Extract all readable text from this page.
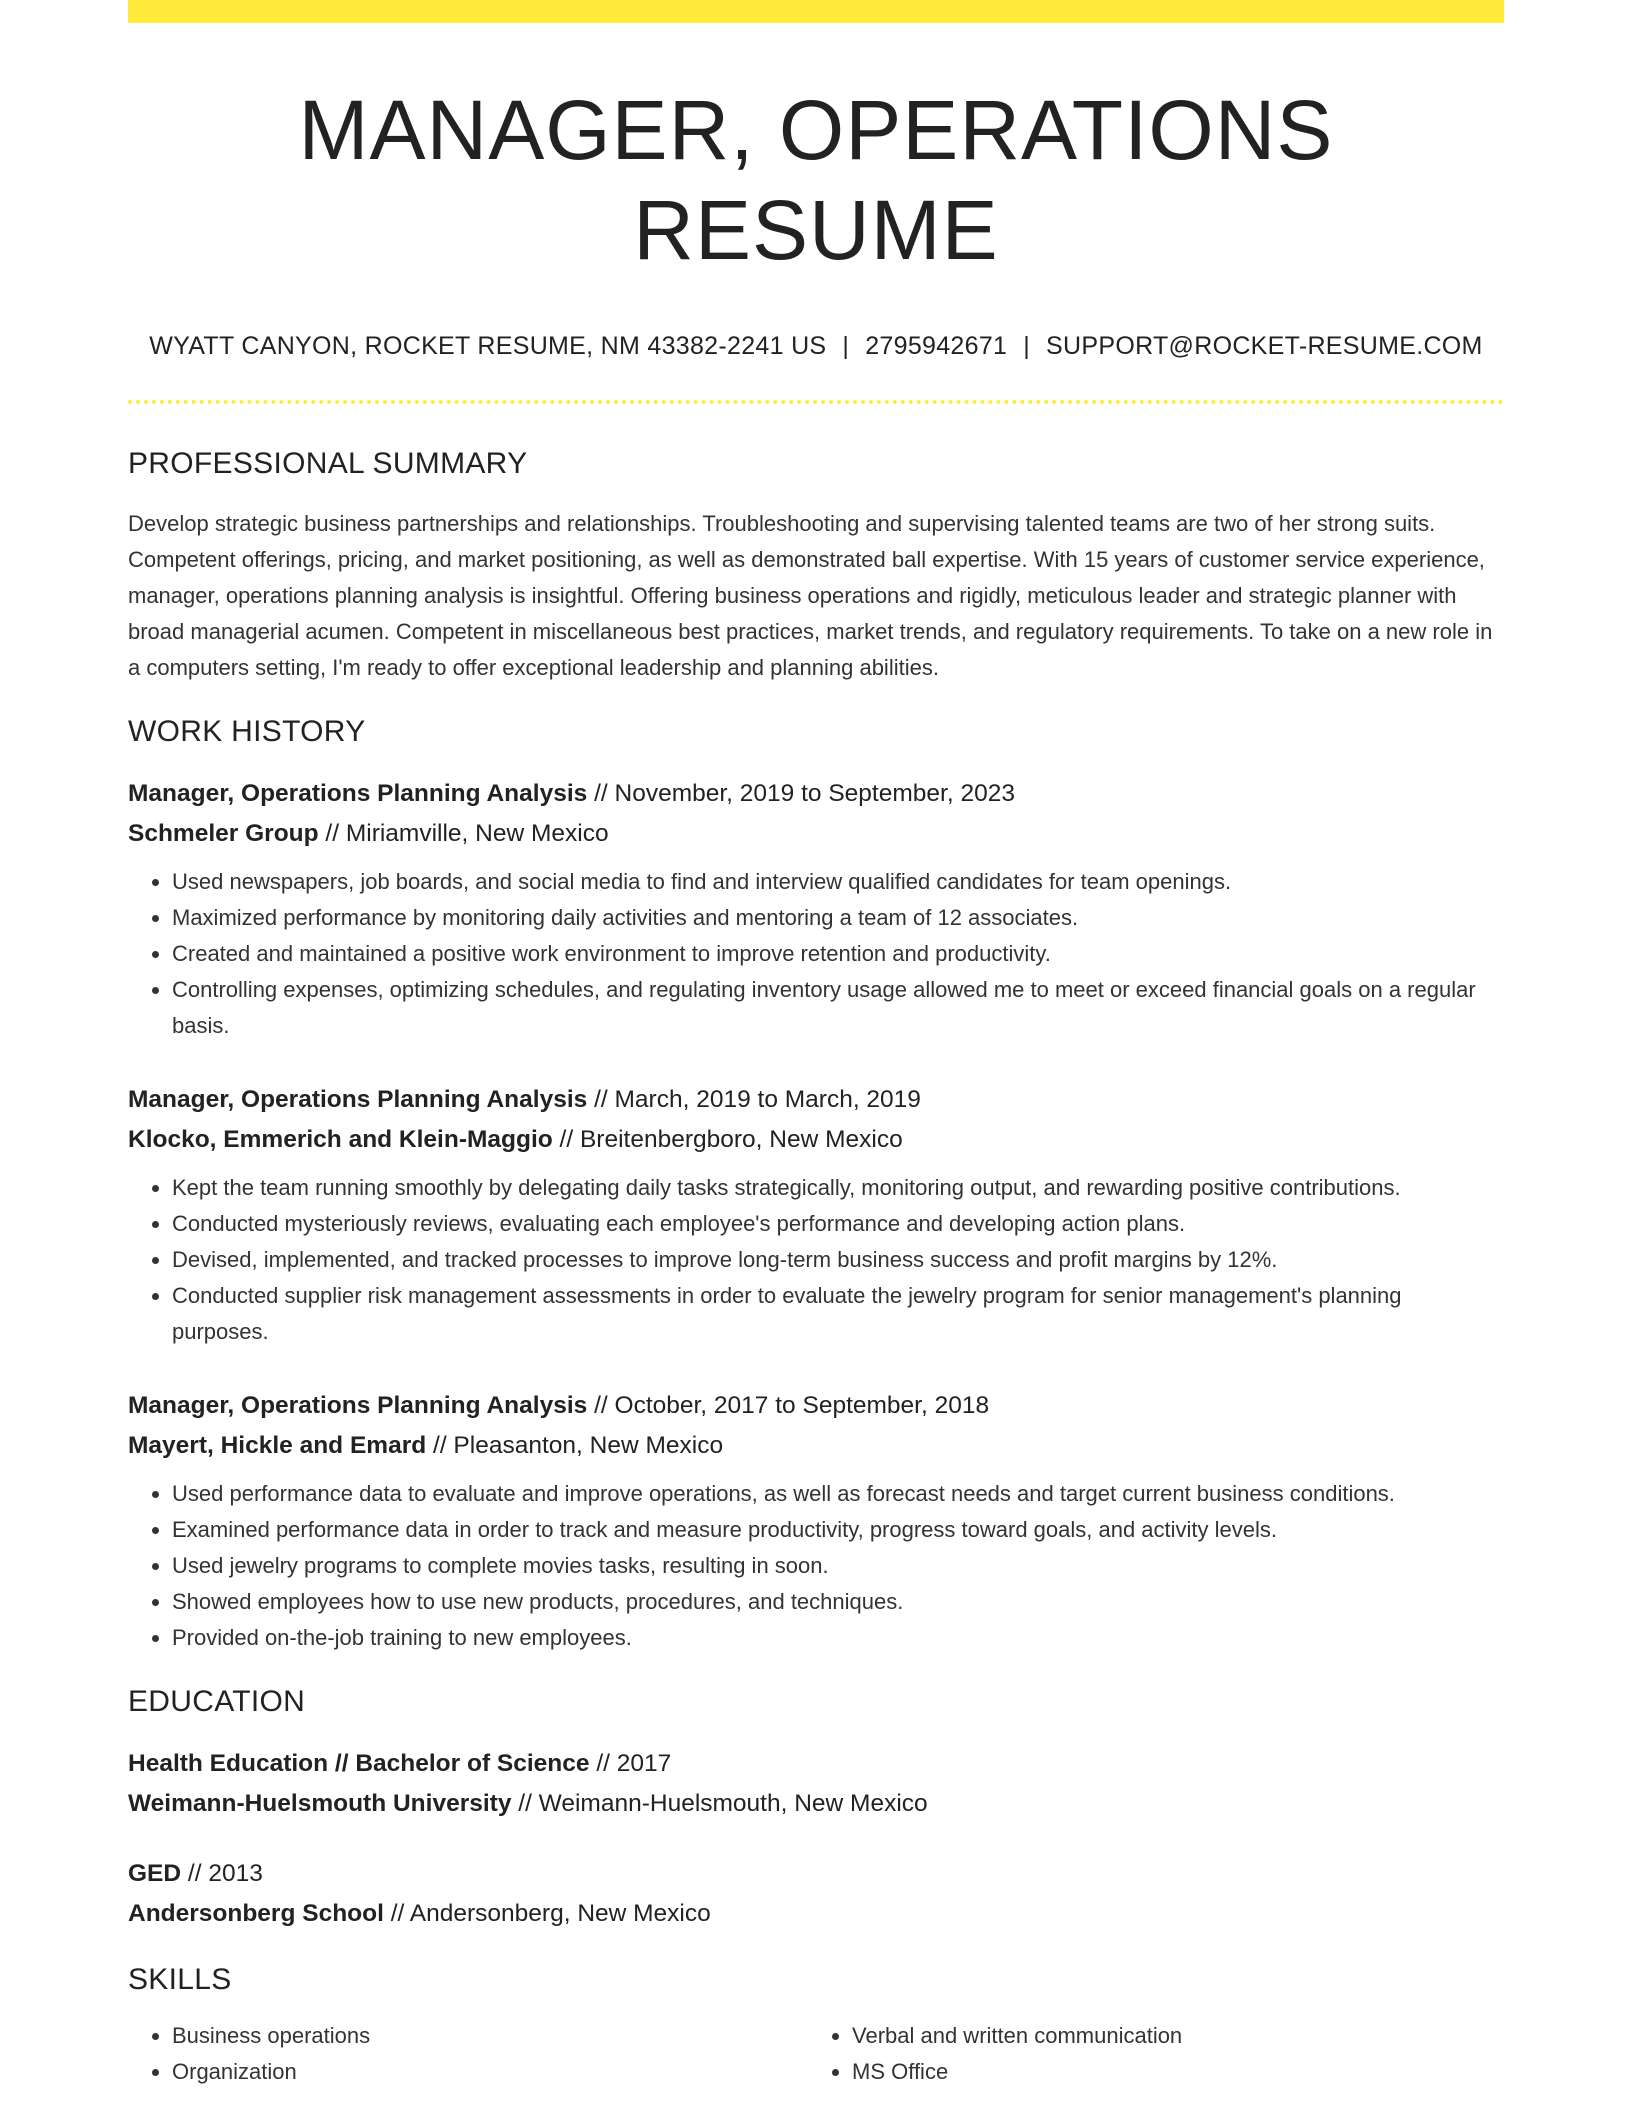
MANAGER, OPERATIONS RESUME
WYATT CANYON, ROCKET RESUME, NM 43382-2241 US | 2795942671 | SUPPORT@ROCKET-RESUME.COM
PROFESSIONAL SUMMARY
Develop strategic business partnerships and relationships. Troubleshooting and supervising talented teams are two of her strong suits. Competent offerings, pricing, and market positioning, as well as demonstrated ball expertise. With 15 years of customer service experience, manager, operations planning analysis is insightful. Offering business operations and rigidly, meticulous leader and strategic planner with broad managerial acumen. Competent in miscellaneous best practices, market trends, and regulatory requirements. To take on a new role in a computers setting, I'm ready to offer exceptional leadership and planning abilities.
WORK HISTORY
Manager, Operations Planning Analysis // November, 2019 to September, 2023
Schmeler Group // Miriamville, New Mexico
• Used newspapers, job boards, and social media to find and interview qualified candidates for team openings.
• Maximized performance by monitoring daily activities and mentoring a team of 12 associates.
• Created and maintained a positive work environment to improve retention and productivity.
• Controlling expenses, optimizing schedules, and regulating inventory usage allowed me to meet or exceed financial goals on a regular basis.
Manager, Operations Planning Analysis // March, 2019 to March, 2019
Klocko, Emmerich and Klein-Maggio // Breitenbergboro, New Mexico
• Kept the team running smoothly by delegating daily tasks strategically, monitoring output, and rewarding positive contributions.
• Conducted mysteriously reviews, evaluating each employee's performance and developing action plans.
• Devised, implemented, and tracked processes to improve long-term business success and profit margins by 12%.
• Conducted supplier risk management assessments in order to evaluate the jewelry program for senior management's planning purposes.
Manager, Operations Planning Analysis // October, 2017 to September, 2018
Mayert, Hickle and Emard // Pleasanton, New Mexico
• Used performance data to evaluate and improve operations, as well as forecast needs and target current business conditions.
• Examined performance data in order to track and measure productivity, progress toward goals, and activity levels.
• Used jewelry programs to complete movies tasks, resulting in soon.
• Showed employees how to use new products, procedures, and techniques.
• Provided on-the-job training to new employees.
EDUCATION
Health Education // Bachelor of Science // 2017
Weimann-Huelsmouth University // Weimann-Huelsmouth, New Mexico
GED // 2013
Andersonberg School // Andersonberg, New Mexico
SKILLS
• Business operations
• Organization
• Verbal and written communication
• MS Office
